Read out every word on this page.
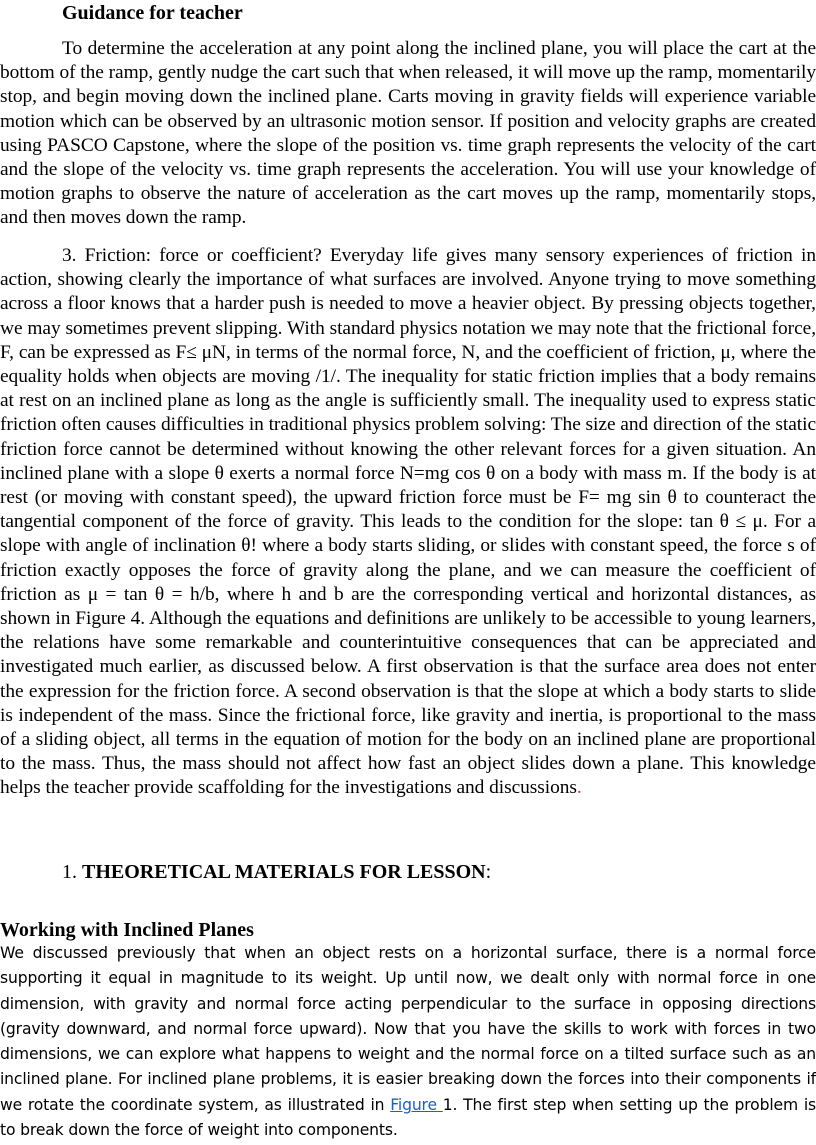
Guidance for teacher

To determine the acceleration at any point along the inclined plane, you will place the cart at the bottom of the ramp, gently nudge the cart such that when released, it will move up the ramp, momentarily stop, and begin moving down the inclined plane. Carts moving in gravity fields will experience variable motion which can be observed by an ultrasonic motion sensor. If position and velocity graphs are created using PASCO Capstone, where the slope of the position vs. time graph represents the velocity of the cart and the slope of the velocity vs. time graph represents the acceleration. You will use your knowledge of motion graphs to observe the nature of acceleration as the cart moves up the ramp, momentarily stops, and then moves down the ramp.

3. Friction: force or coefficient? Everyday life gives many sensory experiences of friction in action, showing clearly the importance of what surfaces are involved. Anyone trying to move something across a floor knows that a harder push is needed to move a heavier object. By pressing objects together, we may sometimes prevent slipping. With standard physics notation we may note that the frictional force, F, can be expressed as F≤ μN, in terms of the normal force, N, and the coefficient of friction, μ, where the equality holds when objects are moving /1/. The inequality for static friction implies that a body remains at rest on an inclined plane as long as the angle is sufficiently small. The inequality used to express static friction often causes difficulties in traditional physics problem solving: The size and direction of the static friction force cannot be determined without knowing the other relevant forces for a given situation. An inclined plane with a slope θ exerts a normal force N=mg cos θ on a body with mass m. If the body is at rest (or moving with constant speed), the upward friction force must be F= mg sin θ to counteract the tangential component of the force of gravity. This leads to the condition for the slope: tan θ ≤ μ. For a slope with angle of inclination θ! where a body starts sliding, or slides with constant speed, the force s of friction exactly opposes the force of gravity along the plane, and we can measure the coefficient of friction as μ = tan θ = h/b, where h and b are the corresponding vertical and horizontal distances, as shown in Figure 4. Although the equations and definitions are unlikely to be accessible to young learners, the relations have some remarkable and counterintuitive consequences that can be appreciated and investigated much earlier, as discussed below. A first observation is that the surface area does not enter the expression for the friction force. A second observation is that the slope at which a body starts to slide is independent of the mass. Since the frictional force, like gravity and inertia, is proportional to the mass of a sliding object, all terms in the equation of motion for the body on an inclined plane are proportional to the mass. Thus, the mass should not affect how fast an object slides down a plane. This knowledge helps the teacher provide scaffolding for the investigations and discussions.

1. THEORETICAL MATERIALS FOR LESSON:

Working with Inclined Planes

We discussed previously that when an object rests on a horizontal surface, there is a normal force supporting it equal in magnitude to its weight. Up until now, we dealt only with normal force in one dimension, with gravity and normal force acting perpendicular to the surface in opposing directions (gravity downward, and normal force upward). Now that you have the skills to work with forces in two dimensions, we can explore what happens to weight and the normal force on a tilted surface such as an inclined plane. For inclined plane problems, it is easier breaking down the forces into their components if we rotate the coordinate system, as illustrated in Figure 1. The first step when setting up the problem is to break down the force of weight into components.
